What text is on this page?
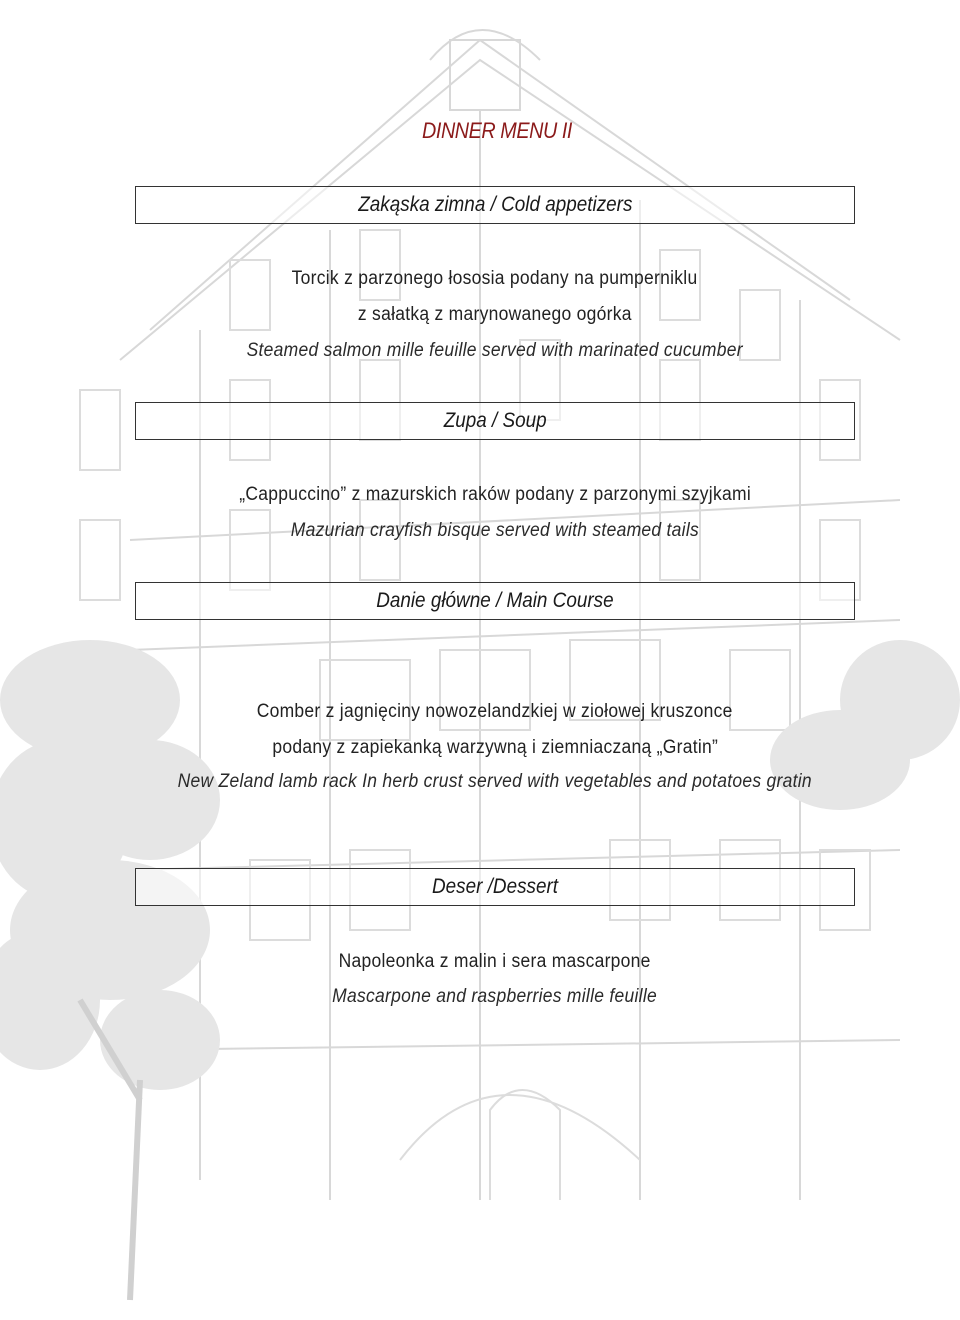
DINNER MENU II
Zakąska zimna / Cold appetizers
Torcik z parzonego łososia podany na pumperniklu
z sałatką z marynowanego ogórka
Steamed salmon mille feuille served with marinated cucumber
Zupa / Soup
„Cappuccino” z mazurskich raków podany z parzonymi szyjkami
Mazurian crayfish bisque served with steamed tails
Danie główne / Main Course
Comber z jagnięciny nowozelandzkiej w ziołowej kruszonce
podany z zapiekanką warzywną i ziemniaczaną „Gratin”
New Zeland lamb rack In herb crust served with vegetables and potatoes gratin
Deser /Dessert
Napoleonka z malin i sera mascarpone
Mascarpone and raspberries mille feuille
